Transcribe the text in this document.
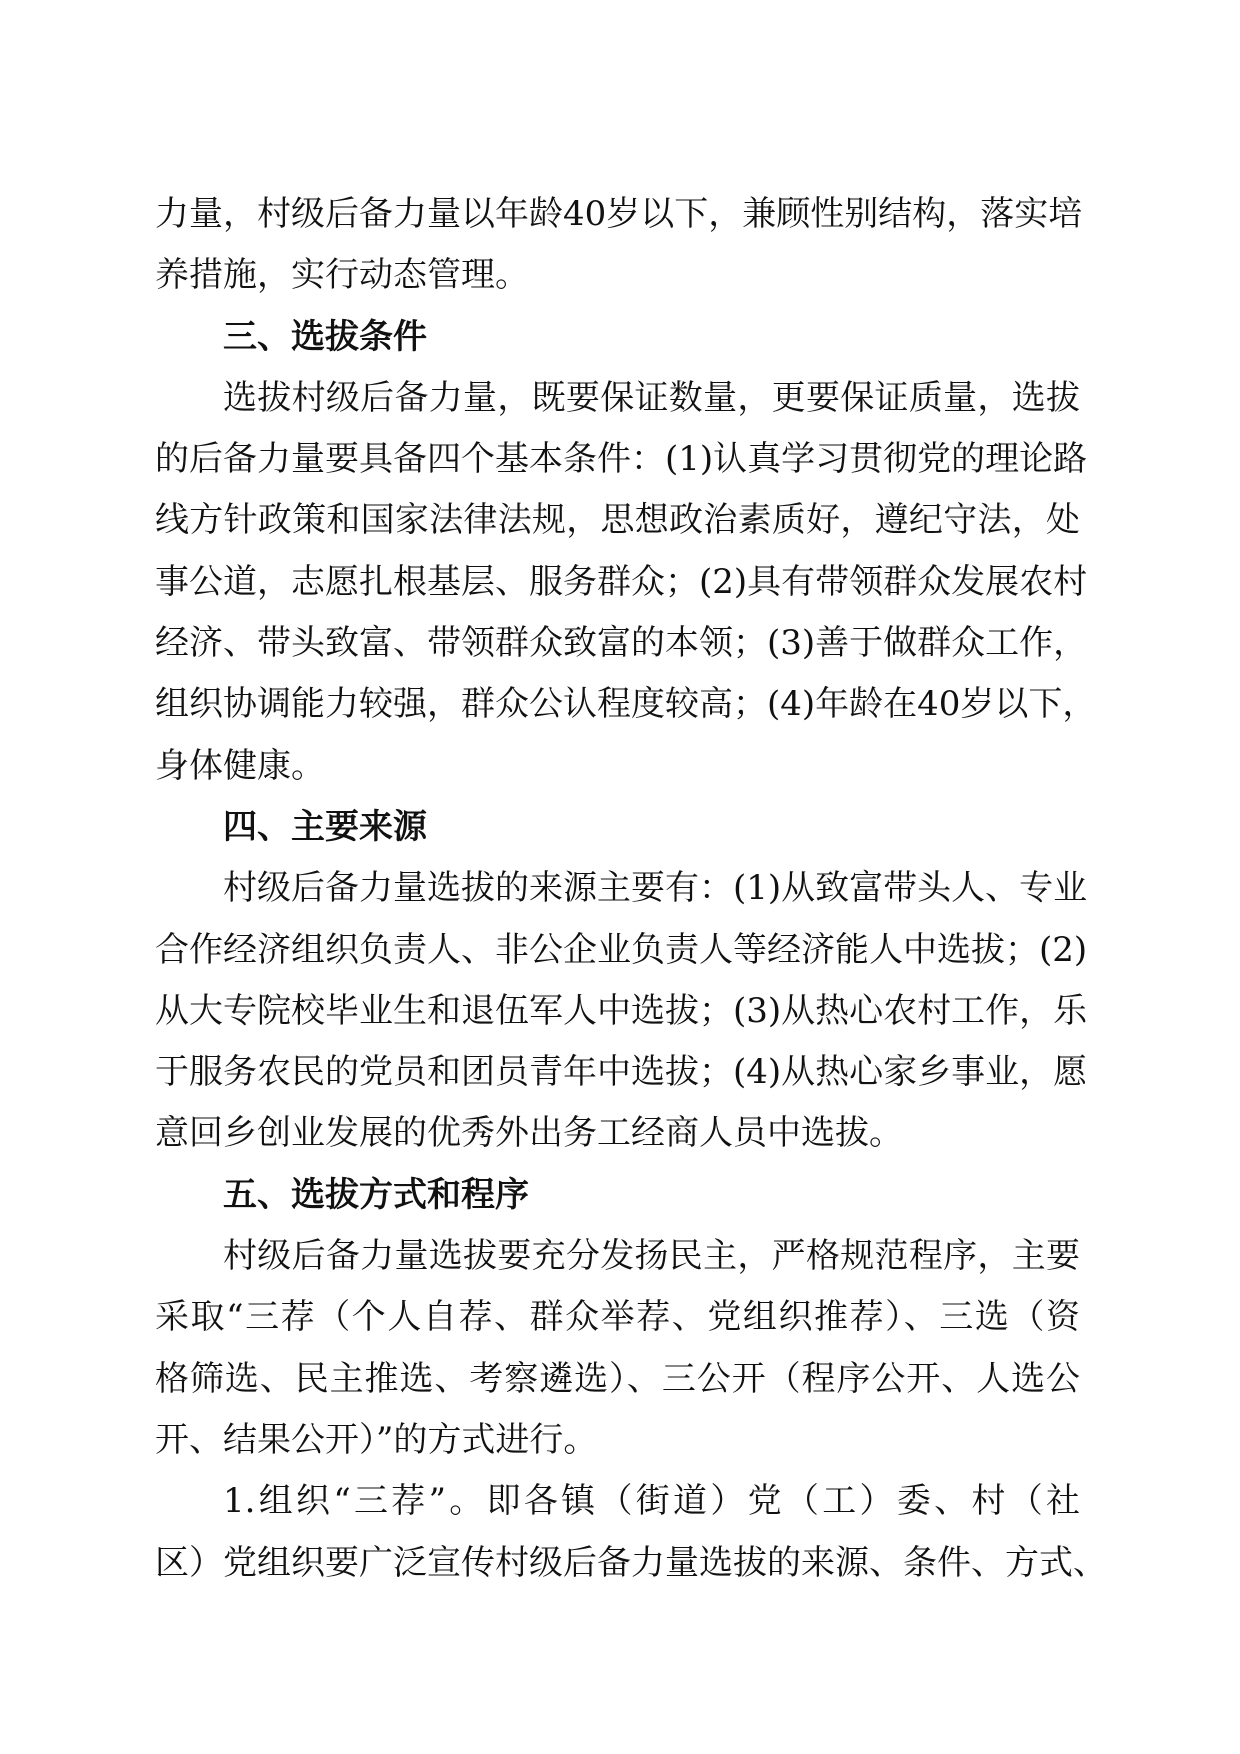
力量，村级后备力量以年龄40岁以下，兼顾性别结构，落实培
养措施，实行动态管理。
三、选拔条件
选拔村级后备力量，既要保证数量，更要保证质量，选拔
的后备力量要具备四个基本条件：(1)认真学习贯彻党的理论路
线方针政策和国家法律法规，思想政治素质好，遵纪守法，处
事公道，志愿扎根基层、服务群众；(2)具有带领群众发展农村
经济、带头致富、带领群众致富的本领；(3)善于做群众工作，
组织协调能力较强，群众公认程度较高；(4)年龄在40岁以下，
身体健康。
四、主要来源
村级后备力量选拔的来源主要有：(1)从致富带头人、专业
合作经济组织负责人、非公企业负责人等经济能人中选拔；(2)
从大专院校毕业生和退伍军人中选拔；(3)从热心农村工作，乐
于服务农民的党员和团员青年中选拔；(4)从热心家乡事业，愿
意回乡创业发展的优秀外出务工经商人员中选拔。
五、选拔方式和程序
村级后备力量选拔要充分发扬民主，严格规范程序，主要
采取“三荐（个人自荐、群众举荐、党组织推荐）、三选（资
格筛选、民主推选、考察遴选）、三公开（程序公开、人选公
开、结果公开）”的方式进行。
1.组织“三荐”。即各镇（街道）党（工）委、村（社
区）党组织要广泛宣传村级后备力量选拔的来源、条件、方式、
